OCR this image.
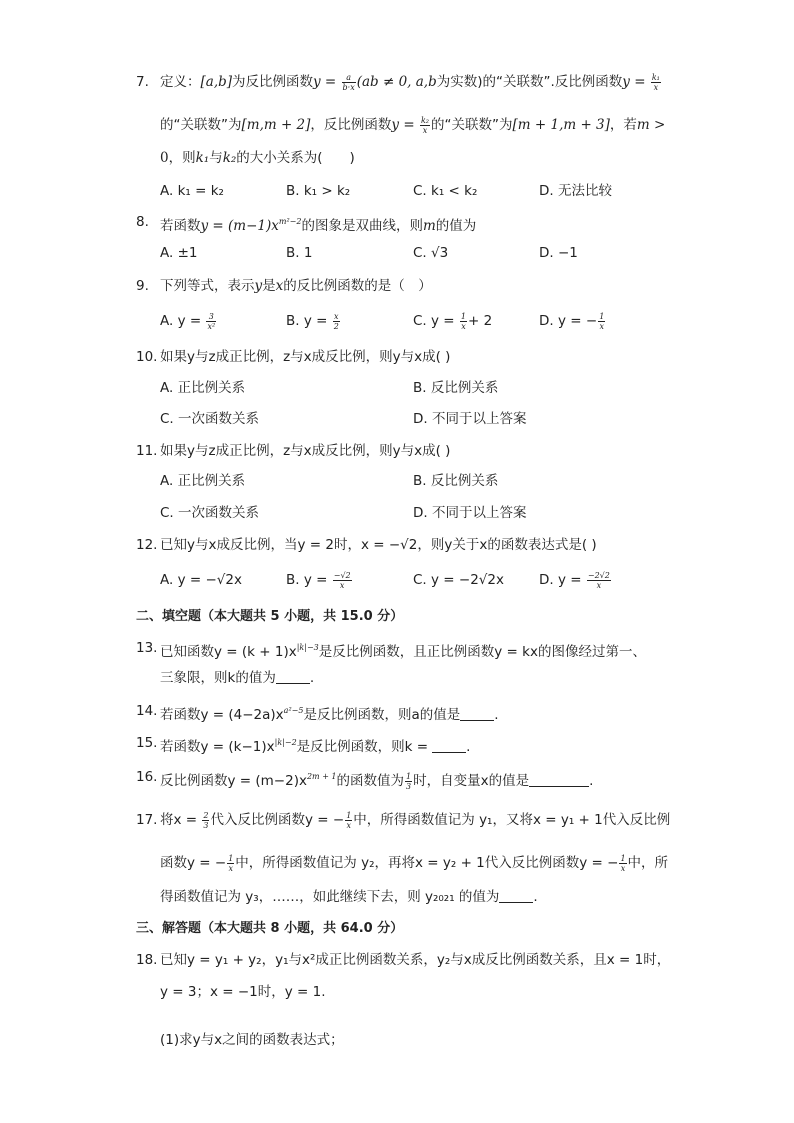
7. 定义：[a,b]为反比例函数$y = \frac{a}{b\cdot x} (ab \ne 0$, a,b为实数)的“关联数”.反比例函数$y = \frac{\text{k₁}}{x}$
的“关联数”为[m,m + 2]，反比例函数$y = \frac{\text{k₂}}{x}$ 的“关联数”为[m + 1,m + 3]，若m >
0，则k₁与k₂的大小关系为(　　)
A. k₁ = k₂	B. k₁ > k₂	C. k₁ < k₂	D. 无法比较
8. 若函数$y = (m-1)x^{m^2-2}$的图象是双曲线，则m的值为
A. ±1	B. 1	C. √3	D. −1
9. 下列等式，表示y是x的反比例函数的是（　）
A. $y = \frac{3}{\text{x²}}$	B. $y = \frac{x}{2}$	C. $y = \frac{1}{x} + 2$	D. y = − $\frac{1}{x}$
10. 如果y与z成正比例，z与x成反比例，则y与x成( )
A. 正比例关系	B. 反比例关系
C. 一次函数关系	D. 不同于以上答案
11. 如果y与z成正比例，z与x成反比例，则y与x成( )
A. 正比例关系	B. 反比例关系
C. 一次函数关系	D. 不同于以上答案
12. 已知y与x成反比例，当y = 2时，x = −√2，则y关于x的函数表达式是( )
A. y = −√2x	B. $y = \frac{-√2}{x}$	C. y = −2√2x	D. $y = \frac{-2√2}{x}$
二、填空题（本大题共 5 小题，共 15.0 分）
13. 已知函数$y = (k + 1)x^{|k|-3}$是反比例函数，且正比例函数y = kx的图像经过第一、
三象限，则k的值为	.
14. 若函数$y = (4-2a)x^{a^2-5}$是反比例函数，则a的值是	.
15. 若函数$y = (k-1)x^{|k|-2}$是反比例函数，则k =	.
16. 反比例函数$y = (m-2)x^{2m + 1}$的函数值为 $\frac{1}{3}$ 时，自变量x的值是	.
17. 将$x = \frac{2}{3}$ 代入反比例函数y = − $\frac{1}{x}$ 中，所得函数值记为 y₁，又将x = y₁ + 1代入反比例
函数y = − $\frac{1}{x}$ 中，所得函数值记为 y₂，再将x = y₂ + 1代入反比例函数y = − $\frac{1}{x}$ 中，所
得函数值记为 y₃，……，如此继续下去，则 y₂₀₂₁ 的值为	.
三、解答题（本大题共 8 小题，共 64.0 分）
18. 已知y = y₁ + y₂，y₁与x²成正比例函数关系，y₂与x成反比例函数关系，且x = 1时，
y = 3；x = −1时，y = 1.
(1)求y与x之间的函数表达式；
